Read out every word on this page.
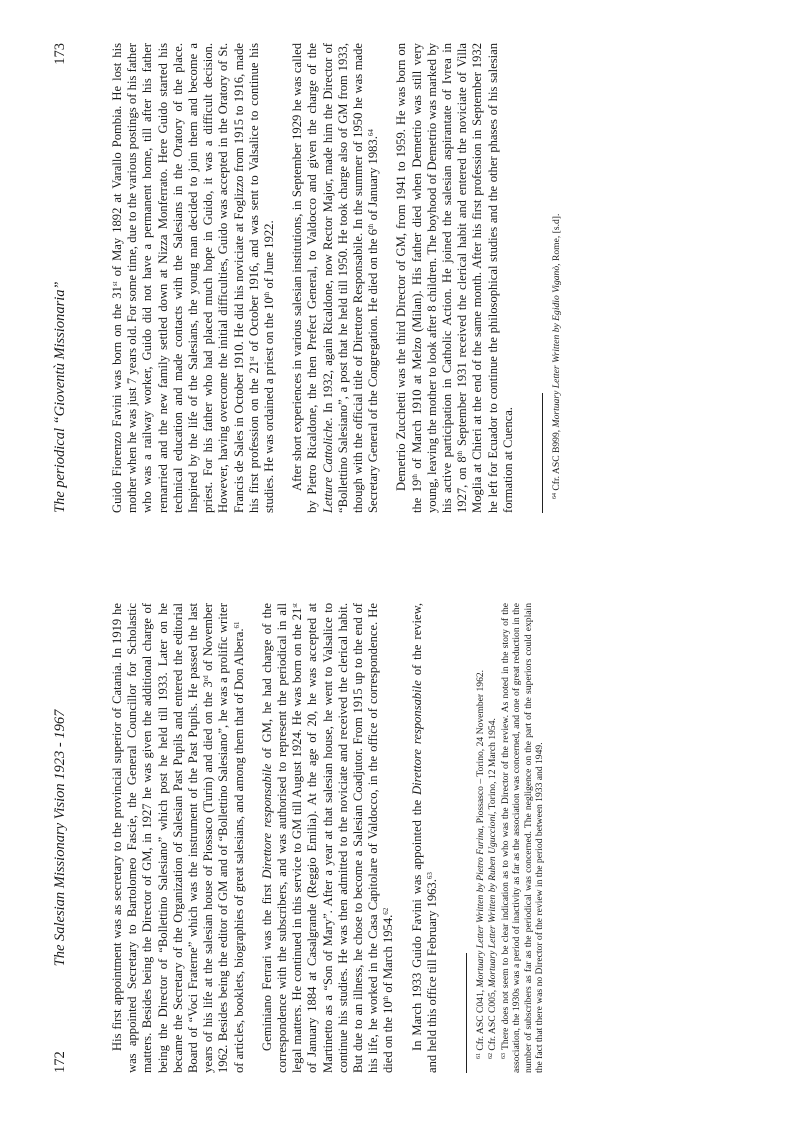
172
The Salesian Missionary Vision 1923 - 1967	His first appointment was as secretary to the provincial superior of Catania. In 1919 he was appointed Secretary to Bartolomeo Fascie, the General Councillor for Scholastic matters. Besides being the Director of GM, in 1927 he was given the additional charge of being the Director of “Bollettino Salesiano” which post he held till 1933. Later on he became the Secretary of the Organization of Salesian Past Pupils and entered the editorial Board of “Voci Fraterne” which was the instrument of the Past Pupils. He passed the last years of his life at the salesian house of Piossaco (Turin) and died on the 3rd of November 1962. Besides being the editor of GM and of “Bollettino Salesiano”, he was a prolific writer of articles, booklets, biographies of great salesians, and among them that of Don Albera.$^{61}$

Geminiano Ferrari was the first Direttore responsabile of GM, he had charge of the correspondence with the subscribers, and was authorised to represent the periodical in all legal matters. He continued in this service to GM till August 1924. He was born on the 21st of January 1884 at Casalgrande (Reggio Emilia). At the age of 20, he was accepted at Martinetto as a “Son of Mary”. After a year at that salesian house, he went to Valsalice to continue his studies. He was then admitted to the noviciate and received the clerical habit. But due to an illness, he chose to become a Salesian Coadjutor. From 1915 up to the end of his life, he worked in the Casa Capitolare of Valdocco, in the office of correspondence. He died on the 10th of March 1954.62	In March 1933 Guido Favini was appointed the Direttore responsabile of the review, and held this office till February 1963.63

$^{61}$ Cfr. ASC C041, Mortuary Letter Written by Pietro Furina, Piossasco – Torino, 24 November 1962.

$^{62}$ Cfr. ASC C005, Mortuary Letter Written by Ruben Uguccioni, Torino, 12 March 1954.

$^{63}$ There does not seem to be clear indication as to who was the Director of the review. As noted in the story of the association, the 1930s was a period of inactivity as far as the association was concerned, and one of great reduction in the number of subscribers as far as the periodical was concerned. The negligence on the part of the superiors could explain the fact that there was no Director of the review in the period between 1933 and 1949.

The periodical “Gioventù Missionaria”
173

Guido Fiorenzo Favini was born on the 31st of May 1892 at Varallo Pombia. He lost his mother when he was just 7 years old. For some time, due to the various postings of his father who was a railway worker, Guido did not have a permanent home, till after his father remarried and the new family settled down at Nizza Monferrato. Here Guido started his technical education and made contacts with the Salesians in the Oratory of the place. Inspired by the life of the Salesians, the young man decided to join them and become a priest. For his father who had placed much hope in Guido, it was a difficult decision. However, having overcome the initial difficulties, Guido was accepted in the Oratory of St. Francis de Sales in October 1910. He did his noviciate at Foglizzo from 1915 to 1916, made his first profession on the 21st of October 1916, and was sent to Valsalice to continue his studies. He was ordained a priest on the 10th of June 1922. After short experiences in various salesian institutions, in September 1929 he was called by Pietro Ricaldone, the then Prefect General, to Valdocco and given the charge of the Letture Cattoliche. In 1932, again Ricaldone, now Rector Major, made him the Director of “Bollettino Salesiano”, a post that he held till 1950. He took charge also of GM from 1933, though with the official title of Direttore Responsabile. In the summer of 1950 he was made Secretary General of the Congregation. He died on the 6th of January 1983.64	Demetrio Zucchetti was the third Director of GM, from 1941 to 1959. He was born on the 19th of March 1910 at Melzo (Milan). His father died when Demetrio was still very young, leaving the mother to look after 8 children. The boyhood of Demetrio was marked by his active participation in Catholic Action. He joined the salesian aspirantate of Ivrea in 1927, on 8th September 1931 received the clerical habit and entered the noviciate of Villa Moglia at Chieri at the end of the same month. After his first profession in September 1932 he left for Ecuador to continue the philosophical studies and the other phases of his salesian formation at Cuenca.	$^{64}$ Cfr. ASC B999, Mortuary Letter Written by Egidio Viganò, Rome, [s.d].
